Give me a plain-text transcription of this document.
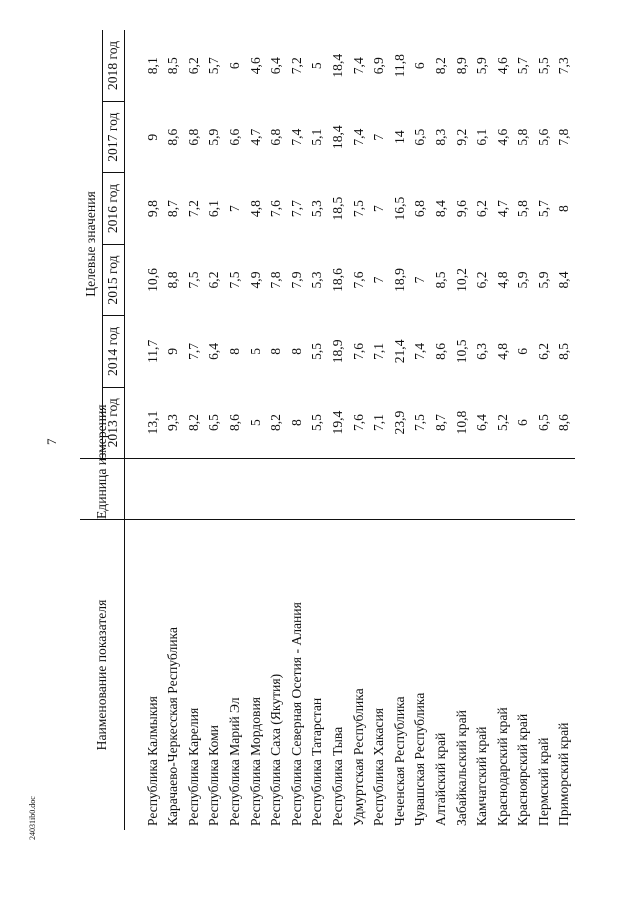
7
24031ib0.doc
Наименование показателя	Единица измерения	Целевые значения					
		2013 год	2014 год	2015 год	2016 год	2017 год	2018 год

Республика Калмыкия		13,1	11,7	10,6	9,8	9	8,1
Карачаево-Черкесская Республика		9,3	9	8,8	8,7	8,6	8,5
Республика Карелия		8,2	7,7	7,5	7,2	6,8	6,2
Республика Коми		6,5	6,4	6,2	6,1	5,9	5,7
Республика Марий Эл		8,6	8	7,5	7	6,6	6
Республика Мордовия		5	5	4,9	4,8	4,7	4,6
Республика Саха (Якутия)		8,2	8	7,8	7,6	6,8	6,4
Республика Северная Осетия - Алания		8	8	7,9	7,7	7,4	7,2
Республика Татарстан		5,5	5,5	5,3	5,3	5,1	5
Республика Тыва		19,4	18,9	18,6	18,5	18,4	18,4
Удмуртская Республика		7,6	7,6	7,6	7,5	7,4	7,4
Республика Хакасия		7,1	7,1	7	7	7	6,9
Чеченская Республика		23,9	21,4	18,9	16,5	14	11,8
Чувашская Республика		7,5	7,4	7	6,8	6,5	6
Алтайский край		8,7	8,6	8,5	8,4	8,3	8,2
Забайкальский край		10,8	10,5	10,2	9,6	9,2	8,9
Камчатский край		6,4	6,3	6,2	6,2	6,1	5,9
Краснодарский край		5,2	4,8	4,8	4,7	4,6	4,6
Красноярский край		6	6	5,9	5,8	5,8	5,7
Пермский край		6,5	6,2	5,9	5,7	5,6	5,5
Приморский край		8,6	8,5	8,4	8	7,8	7,3
